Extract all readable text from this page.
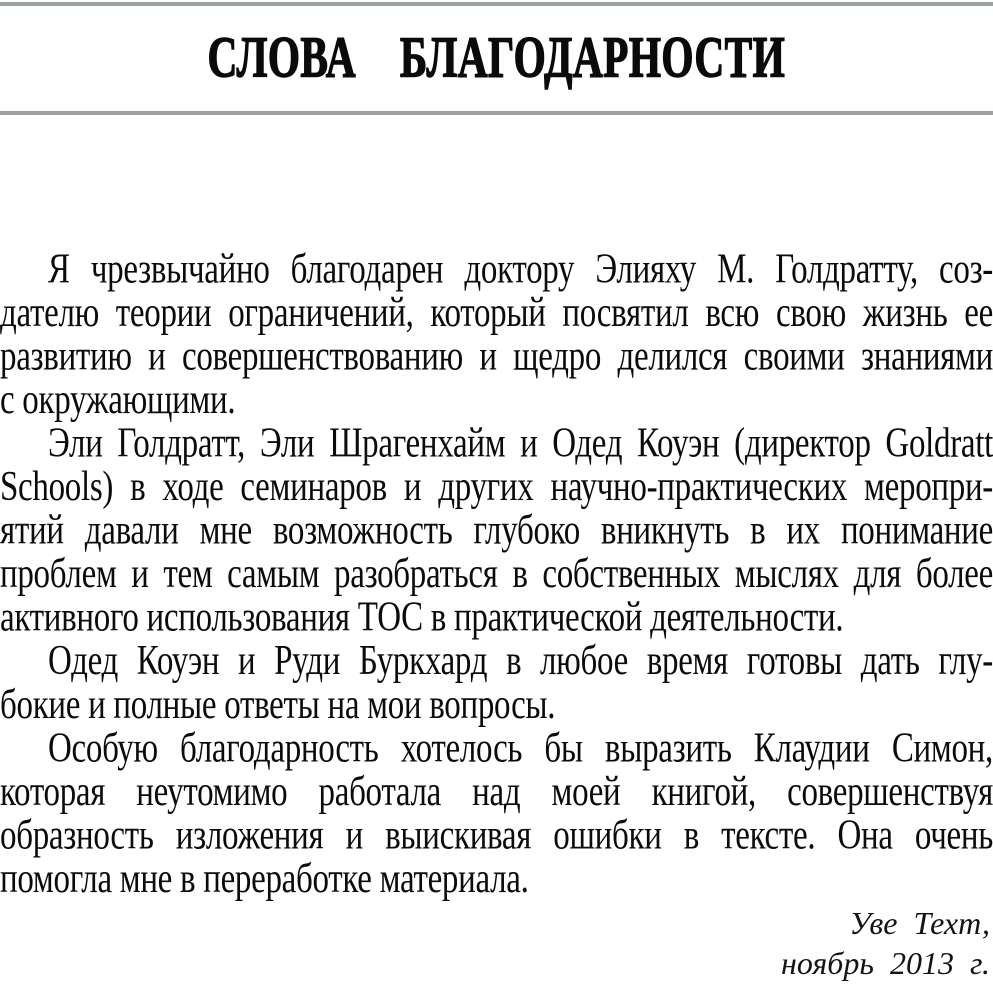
СЛОВА БЛАГОДАРНОСТИ

Я чрезвычайно благодарен доктору Элияху М. Голдратту, соз-
дателю теории ограничений, который посвятил всю свою жизнь ее
развитию и совершенствованию и щедро делился своими знаниями
с окружающими.

Эли Голдратт, Эли Шрагенхайм и Одед Коуэн (директор Goldratt
Schools) в ходе семинаров и других научно-практических меропри-
ятий давали мне возможность глубоко вникнуть в их понимание
проблем и тем самым разобраться в собственных мыслях для более
активного использования ТОС в практической деятельности.

Одед Коуэн и Руди Буркхард в любое время готовы дать глу-
бокие и полные ответы на мои вопросы.

Особую благодарность хотелось бы выразить Клаудии Симон,
которая неутомимо работала над моей книгой, совершенствуя
образность изложения и выискивая ошибки в тексте. Она очень
помогла мне в переработке материала.

Уве Техт,
ноябрь 2013 г.
